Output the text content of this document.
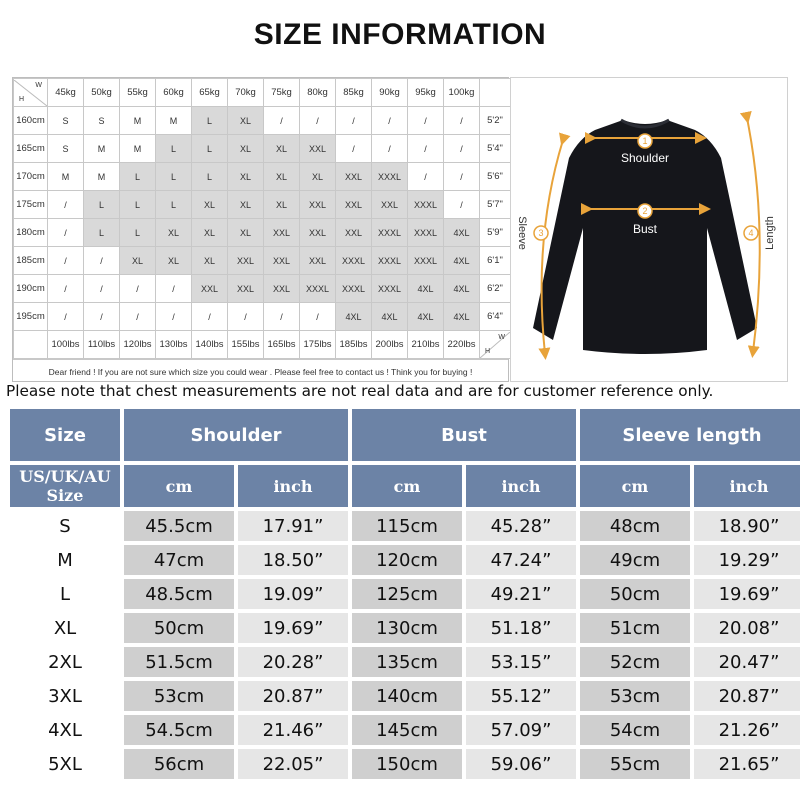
SIZE INFORMATION
W
H	45kg	50kg	55kg	60kg	65kg	70kg	75kg	80kg	85kg	90kg	95kg	100kg	
160cm	S	S	M	M	L	XL	/	/	/	/	/	/	5'2"
165cm	S	M	M	L	L	XL	XL	XXL	/	/	/	/	5'4"
170cm	M	M	L	L	L	XL	XL	XL	XXL	XXXL	/	/	5'6"
175cm	/	L	L	L	XL	XL	XL	XXL	XXL	XXL	XXXL	/	5'7"
180cm	/	L	L	XL	XL	XL	XXL	XXL	XXL	XXXL	XXXL	4XL	5'9"
185cm	/	/	XL	XL	XL	XXL	XXL	XXL	XXXL	XXXL	XXXL	4XL	6'1"
190cm	/	/	/	/	XXL	XXL	XXL	XXXL	XXXL	XXXL	4XL	4XL	6'2"
195cm	/	/	/	/	/	/	/	/	4XL	4XL	4XL	4XL	6'4"
	100lbs	110lbs	120lbs	130lbs	140lbs	155lbs	165lbs	175lbs	185lbs	200lbs	210lbs	220lbs	W
H
Dear friend ! If you are not sure which size you could wear . Please feel free to contact us ! Think you for buying !
1
Shoulder
2
Bust
3
Sleeve	4 Length
Please note that chest measurements are not real data and are for customer reference only.
Size	Shoulder	Bust	Sleeve length
US/UK/AU Size	cm	inch	cm	inch	cm	inch
S	45.5cm	17.91”	115cm	45.28”	48cm	18.90”
M	47cm	18.50”	120cm	47.24”	49cm	19.29”
L	48.5cm	19.09”	125cm	49.21”	50cm	19.69”
XL	50cm	19.69”	130cm	51.18”	51cm	20.08”
2XL	51.5cm	20.28”	135cm	53.15”	52cm	20.47”
3XL	53cm	20.87”	140cm	55.12”	53cm	20.87”
4XL	54.5cm	21.46”	145cm	57.09”	54cm	21.26”
5XL	56cm	22.05”	150cm	59.06”	55cm	21.65”
